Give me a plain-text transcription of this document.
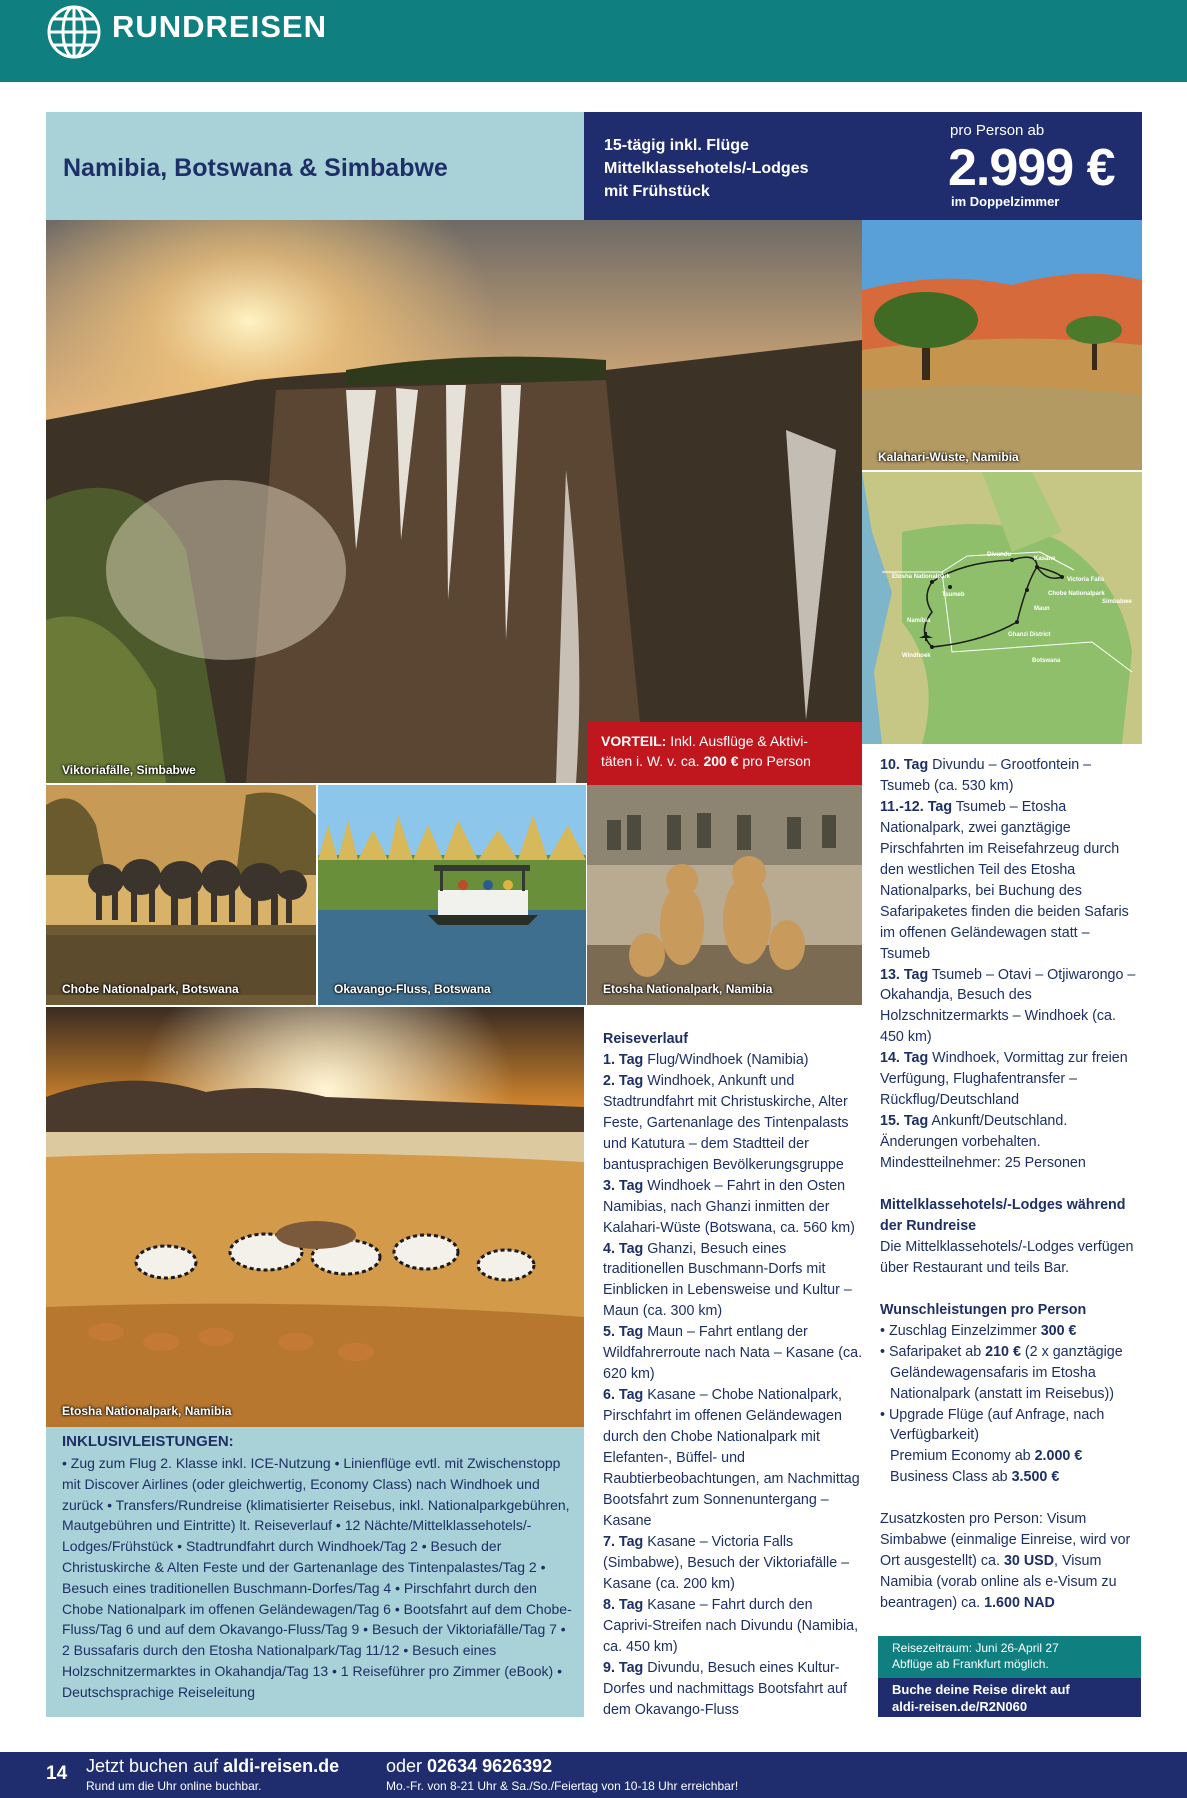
RUNDREISEN
Namibia, Botswana & Simbabwe
15-tägig inkl. Flüge
Mittelklassehotels/-Lodges
mit Frühstück
pro Person ab
2.999 €
im Doppelzimmer
Viktoriafälle, Simbabwe
Kalahari-Wüste, Namibia
Divundu
Kasane
Victoria Falls
Etosha Nationalpark
Tsumeb	Chobe Nationalpark
Simbabwe
Maun
Namibia
Ghanzi District
Windhoek
Botswana
VORTEIL: Inkl. Ausflüge & Aktivi-
täten i. W. v. ca. 200 € pro Person
Chobe Nationalpark, Botswana	Okavango-Fluss, Botswana	Etosha Nationalpark, Namibia
Etosha Nationalpark, Namibia
INKLUSIVLEISTUNGEN:
• Zug zum Flug 2. Klasse inkl. ICE-Nutzung • Linienflüge evtl. mit Zwischenstopp mit Discover Airlines (oder gleichwertig, Economy Class) nach Windhoek und zurück • Transfers/Rundreise (klimatisierter Reisebus, inkl. Nationalparkgebühren, Mautgebühren und Eintritte) lt. Reiseverlauf • 12 Nächte/Mittelklassehotels/-Lodges/Frühstück • Stadtrundfahrt durch Windhoek/Tag 2 • Besuch der Christuskirche & Alten Feste und der Gartenanlage des Tintenpalastes/Tag 2 • Besuch eines traditionellen Buschmann-Dorfes/Tag 4 • Pirschfahrt durch den Chobe Nationalpark im offenen Geländewagen/Tag 6 • Bootsfahrt auf dem Chobe-Fluss/Tag 6 und auf dem Okavango-Fluss/Tag 9 • Besuch der Viktoriafälle/Tag 7 • 2 Bussafaris durch den Etosha Nationalpark/Tag 11/12 • Besuch eines Holzschnitzermarktes in Okahandja/Tag 13 • 1 Reiseführer pro Zimmer (eBook) • Deutschsprachige Reiseleitung
Reiseverlauf
1. Tag Flug/Windhoek (Namibia)
2. Tag Windhoek, Ankunft und Stadtrundfahrt mit Christuskirche, Alter Feste, Gartenanlage des Tintenpalasts und Katutura – dem Stadtteil der bantusprachigen Bevölkerungsgruppe
3. Tag Windhoek – Fahrt in den Osten Namibias, nach Ghanzi inmitten der Kalahari-Wüste (Botswana, ca. 560 km)
4. Tag Ghanzi, Besuch eines traditionellen Buschmann-Dorfs mit Einblicken in Lebensweise und Kultur – Maun (ca. 300 km)
5. Tag Maun – Fahrt entlang der Wildfahrerroute nach Nata – Kasane (ca. 620 km)
6. Tag Kasane – Chobe Nationalpark, Pirschfahrt im offenen Geländewagen durch den Chobe Nationalpark mit Elefanten-, Büffel- und Raubtierbeobachtungen, am Nachmittag Bootsfahrt zum Sonnenuntergang – Kasane
7. Tag Kasane – Victoria Falls (Simbabwe), Besuch der Viktoriafälle – Kasane (ca. 200 km)
8. Tag Kasane – Fahrt durch den Caprivi-Streifen nach Divundu (Namibia, ca. 450 km)
9. Tag Divundu, Besuch eines Kultur-Dorfes und nachmittags Bootsfahrt auf dem Okavango-Fluss
10. Tag Divundu – Grootfontein – Tsumeb (ca. 530 km)
11.-12. Tag Tsumeb – Etosha Nationalpark, zwei ganztägige Pirschfahrten im Reisefahrzeug durch den westlichen Teil des Etosha Nationalparks, bei Buchung des Safaripaketes finden die beiden Safaris im offenen Geländewagen statt – Tsumeb
13. Tag Tsumeb – Otavi – Otjiwarongo – Okahandja, Besuch des Holzschnitzermarkts – Windhoek (ca. 450 km)
14. Tag Windhoek, Vormittag zur freien Verfügung, Flughafentransfer – Rückflug/Deutschland
15. Tag Ankunft/Deutschland.
Änderungen vorbehalten.
Mindestteilnehmer: 25 Personen
Mittelklassehotels/-Lodges während der Rundreise
Die Mittelklassehotels/-Lodges verfügen über Restaurant und teils Bar.
Wunschleistungen pro Person
• Zuschlag Einzelzimmer 300 €
• Safaripaket ab 210 € (2 x ganztägige Geländewagensafaris im Etosha Nationalpark (anstatt im Reisebus))
• Upgrade Flüge (auf Anfrage, nach Verfügbarkeit)
Premium Economy ab 2.000 €
Business Class ab 3.500 €
Zusatzkosten pro Person: Visum Simbabwe (einmalige Einreise, wird vor Ort ausgestellt) ca. 30 USD, Visum Namibia (vorab online als e-Visum zu beantragen) ca. 1.600 NAD
Reisezeitraum: Juni 26-April 27
Abflüge ab Frankfurt möglich.
Buche deine Reise direkt auf
aldi-reisen.de/R2N060
14 Jetzt buchen auf aldi-reisen.de
Rund um die Uhr online buchbar.
oder 02634 9626392
Mo.-Fr. von 8-21 Uhr & Sa./So./Feiertag von 10-18 Uhr erreichbar!
